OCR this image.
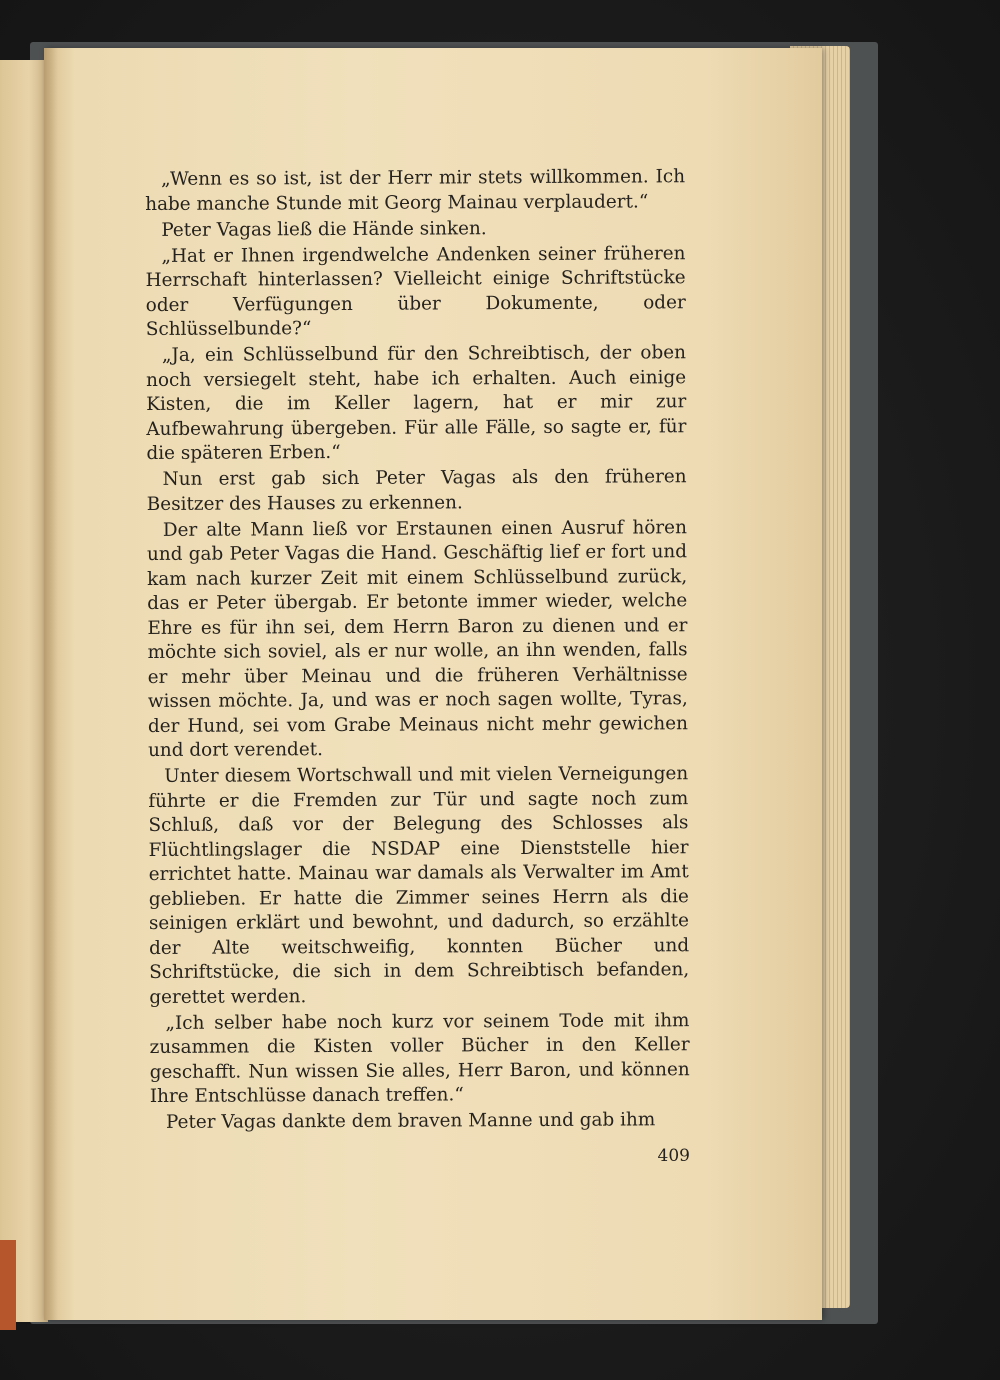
„Wenn es so ist, ist der Herr mir stets willkommen. Ich habe manche Stunde mit Georg Mainau verplaudert.“

Peter Vagas ließ die Hände sinken.

„Hat er Ihnen irgendwelche Andenken seiner früheren Herrschaft hinterlassen? Vielleicht einige Schriftstücke oder Verfügungen über Dokumente, oder Schlüsselbunde?“

„Ja, ein Schlüsselbund für den Schreibtisch, der oben noch versiegelt steht, habe ich erhalten. Auch einige Kisten, die im Keller lagern, hat er mir zur Aufbewahrung übergeben. Für alle Fälle, so sagte er, für die späteren Erben.“

Nun erst gab sich Peter Vagas als den früheren Besitzer des Hauses zu erkennen.

Der alte Mann ließ vor Erstaunen einen Ausruf hören und gab Peter Vagas die Hand. Geschäftig lief er fort und kam nach kurzer Zeit mit einem Schlüsselbund zurück, das er Peter übergab. Er betonte immer wieder, welche Ehre es für ihn sei, dem Herrn Baron zu dienen und er möchte sich soviel, als er nur wolle, an ihn wenden, falls er mehr über Meinau und die früheren Verhältnisse wissen möchte. Ja, und was er noch sagen wollte, Tyras, der Hund, sei vom Grabe Meinaus nicht mehr gewichen und dort verendet.

Unter diesem Wortschwall und mit vielen Verneigungen führte er die Fremden zur Tür und sagte noch zum Schluß, daß vor der Belegung des Schlosses als Flüchtlingslager die NSDAP eine Dienststelle hier errichtet hatte. Mainau war damals als Verwalter im Amt geblieben. Er hatte die Zimmer seines Herrn als die seinigen erklärt und bewohnt, und dadurch, so erzählte der Alte weitschweifig, konnten Bücher und Schriftstücke, die sich in dem Schreibtisch befanden, gerettet werden.

„Ich selber habe noch kurz vor seinem Tode mit ihm zusammen die Kisten voller Bücher in den Keller geschafft. Nun wissen Sie alles, Herr Baron, und können Ihre Entschlüsse danach treffen.“

Peter Vagas dankte dem braven Manne und gab ihm

409
